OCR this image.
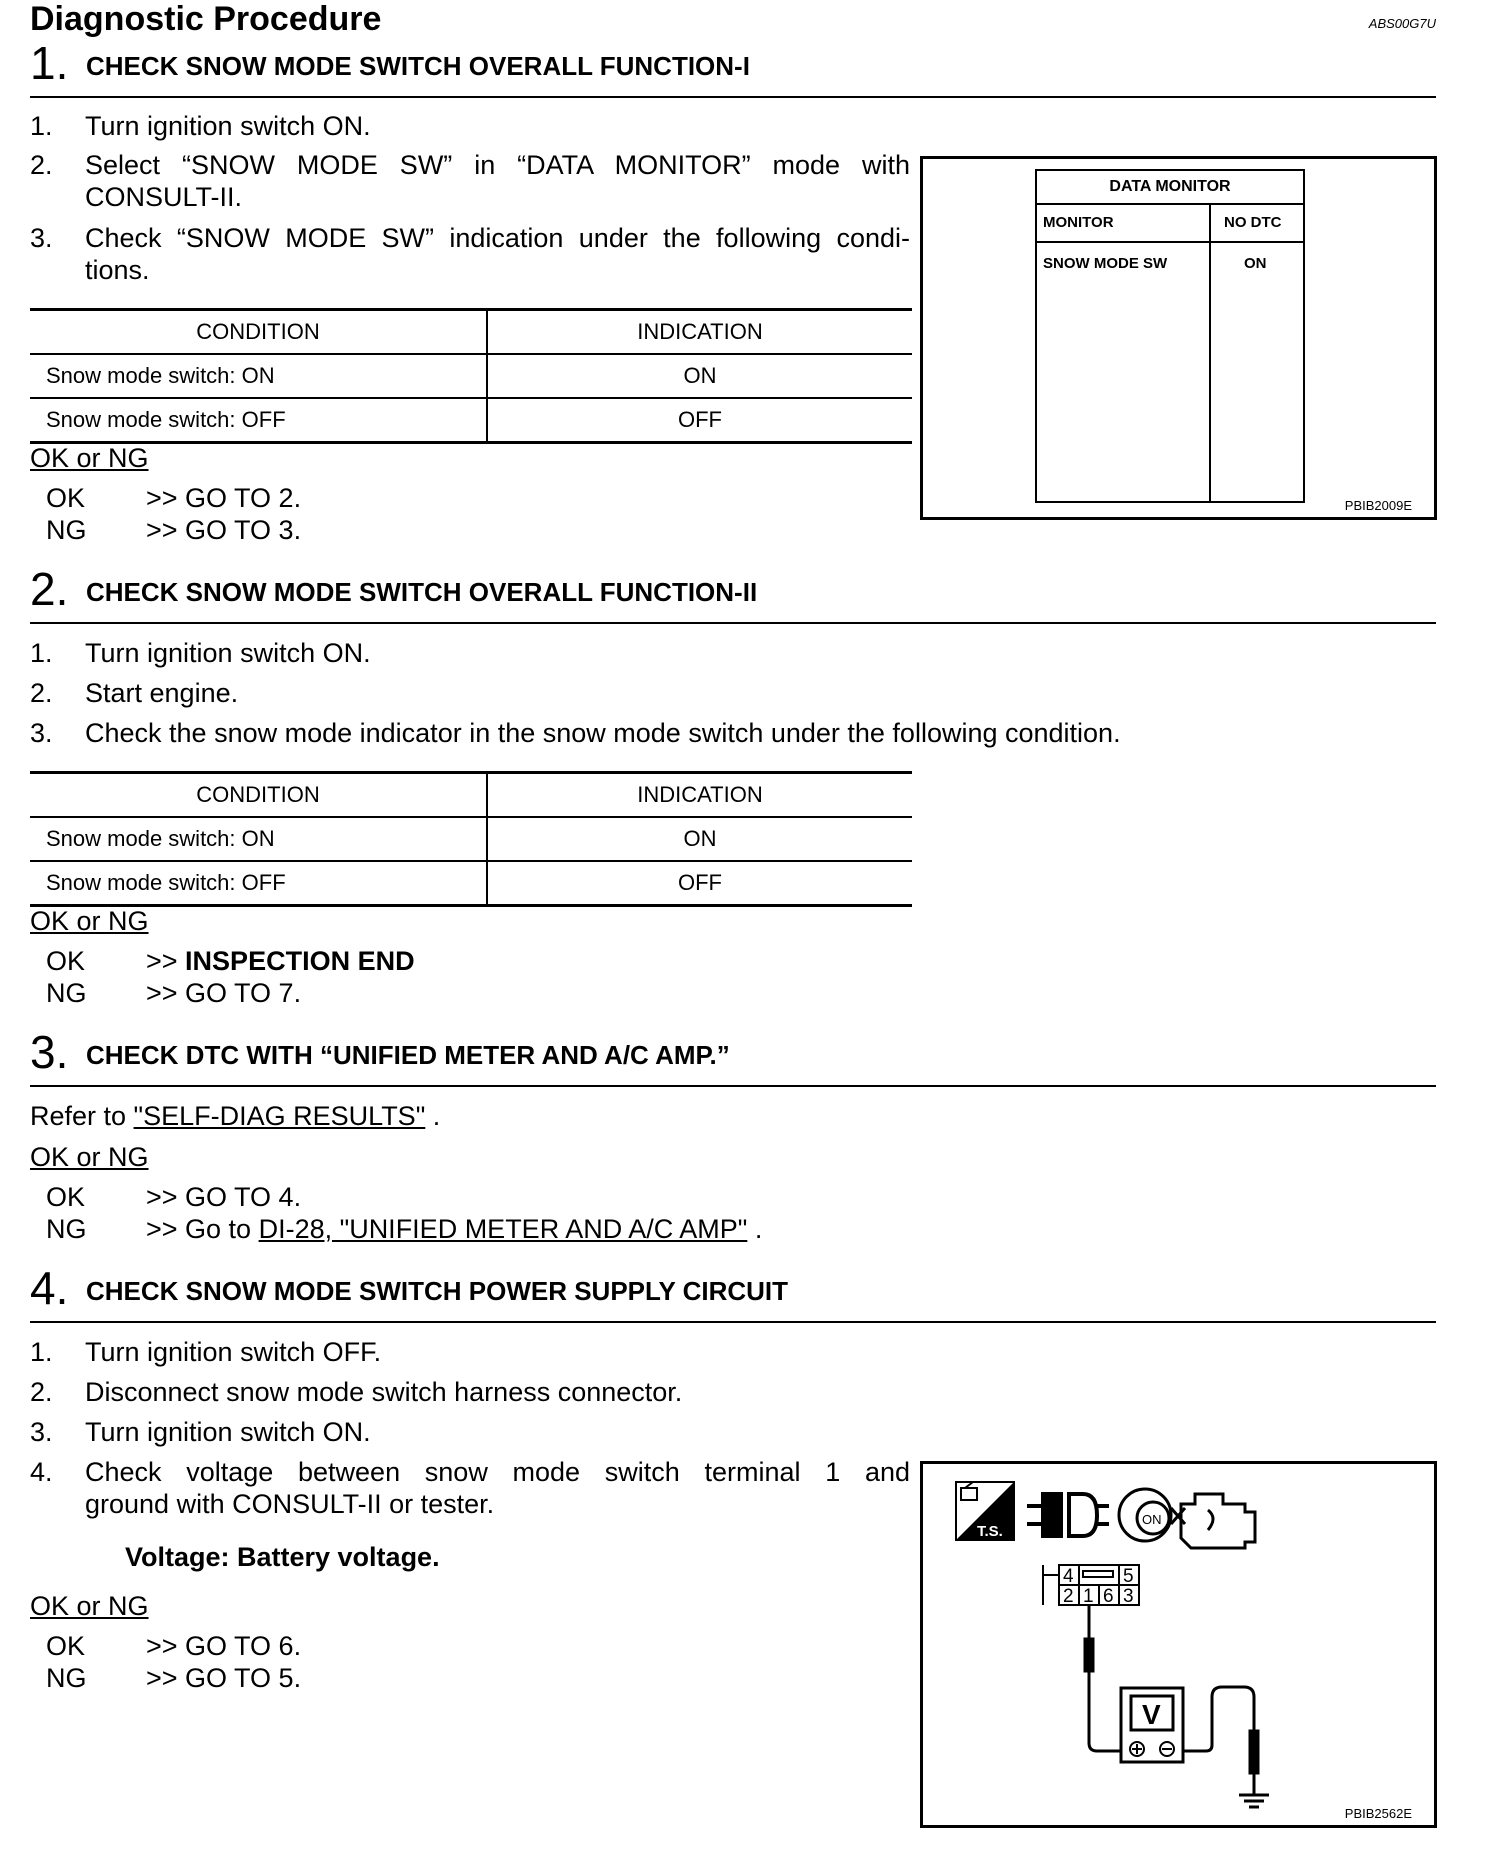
Diagnostic Procedure	ABS00G7U
1. CHECK SNOW MODE SWITCH OVERALL FUNCTION-I
1. Turn ignition switch ON.
2. Select “SNOW MODE SW” in “DATA MONITOR” mode with
CONSULT-II.
3. Check “SNOW MODE SW” indication under the following condi-
tions.
CONDITION	INDICATION
Snow mode switch: ON	ON
Snow mode switch: OFF	OFF
OK or NG
OK >> GO TO 2.
NG >> GO TO 3.
DATA MONITOR
MONITOR	NO DTC
SNOW MODE SW	ON
PBIB2009E
2. CHECK SNOW MODE SWITCH OVERALL FUNCTION-II
1. Turn ignition switch ON.
2. Start engine.
3. Check the snow mode indicator in the snow mode switch under the following condition.
CONDITION	INDICATION
Snow mode switch: ON	ON
Snow mode switch: OFF	OFF
OK or NG
OK >> INSPECTION END
NG >> GO TO 7.
3. CHECK DTC WITH “UNIFIED METER AND A/C AMP.”
Refer to "SELF-DIAG RESULTS" .
OK or NG
OK >> GO TO 4.
NG >> Go to DI-28, "UNIFIED METER AND A/C AMP" .
4. CHECK SNOW MODE SWITCH POWER SUPPLY CIRCUIT
1. Turn ignition switch OFF.
2. Disconnect snow mode switch harness connector.
3. Turn ignition switch ON.
4. Check voltage between snow mode switch terminal 1 and
ground with CONSULT-II or tester.
Voltage: Battery voltage.
OK or NG
OK >> GO TO 6.
NG >> GO TO 5.
T.S.
ON
4	5
2 1 6 3
V
PBIB2562E
